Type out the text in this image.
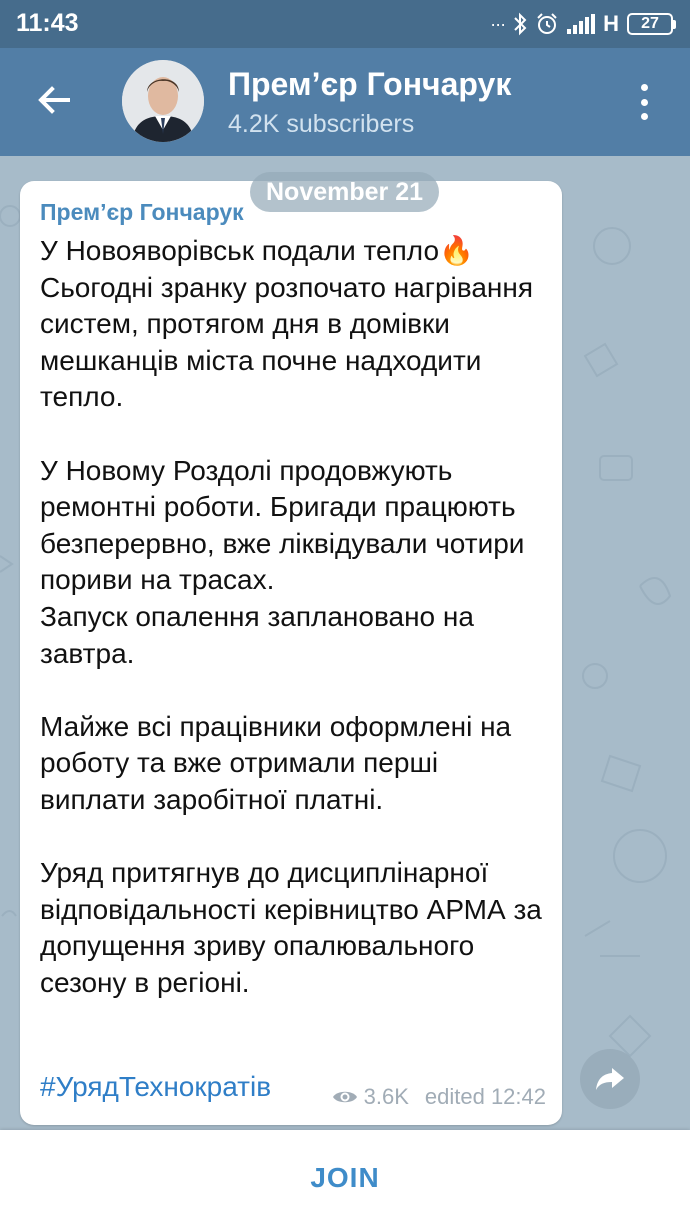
11:43	···	H	27
Прем’єр Гончарук
4.2K subscribers
Прем’єр Гончарук
У Новояворівськ подали тепло🔥
Сьогодні зранку розпочато нагрівання систем, протягом дня в домівки мешканців міста почне надходити тепло.

У Новому Роздолі продовжують ремонтні роботи. Бригади працюють безперервно, вже ліквідували чотири пориви на трасах.
Запуск опалення заплановано на завтра.

Майже всі працівники оформлені на роботу та вже отримали перші виплати заробітної платні.

Уряд притягнув до дисциплінарної відповідальності керівництво АРМА за допущення зриву опалювального сезону в регіоні.
#УрядТехнократів	3.6K edited 12:42
November 21
JOIN
